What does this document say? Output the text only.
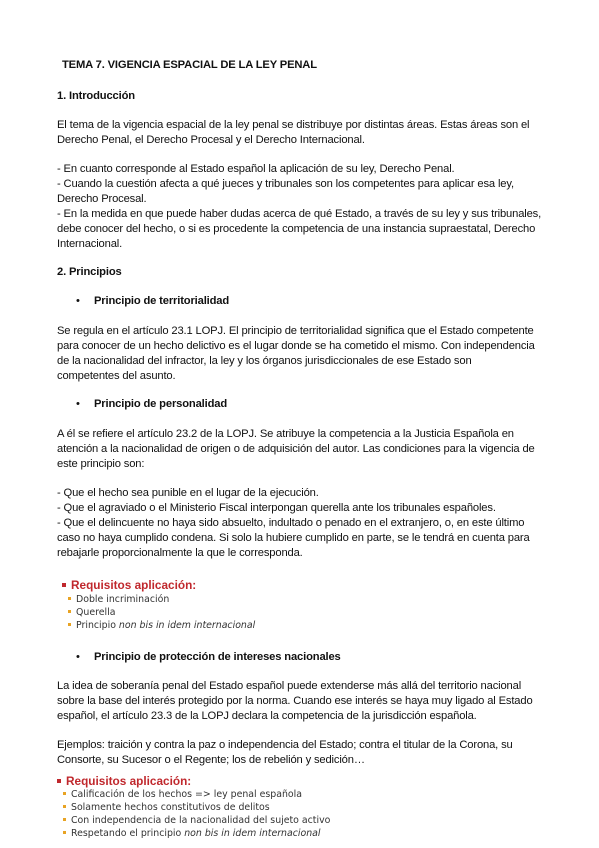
TEMA 7. VIGENCIA ESPACIAL DE LA LEY PENAL
1. Introducción
El tema de la vigencia espacial de la ley penal se distribuye por distintas áreas. Estas áreas son el
Derecho Penal, el Derecho Procesal y el Derecho Internacional.
- En cuanto corresponde al Estado español la aplicación de su ley, Derecho Penal.
- Cuando la cuestión afecta a qué jueces y tribunales son los competentes para aplicar esa ley,
Derecho Procesal.
- En la medida en que puede haber dudas acerca de qué Estado, a través de su ley y sus tribunales,
debe conocer del hecho, o si es procedente la competencia de una instancia supraestatal, Derecho
Internacional.
2. Principios
• Principio de territorialidad
Se regula en el artículo 23.1 LOPJ. El principio de territorialidad significa que el Estado competente
para conocer de un hecho delictivo es el lugar donde se ha cometido el mismo. Con independencia
de la nacionalidad del infractor, la ley y los órganos jurisdiccionales de ese Estado son
competentes del asunto.
• Principio de personalidad
A él se refiere el artículo 23.2 de la LOPJ. Se atribuye la competencia a la Justicia Española en
atención a la nacionalidad de origen o de adquisición del autor. Las condiciones para la vigencia de
este principio son:
- Que el hecho sea punible en el lugar de la ejecución.
- Que el agraviado o el Ministerio Fiscal interpongan querella ante los tribunales españoles.
- Que el delincuente no haya sido absuelto, indultado o penado en el extranjero, o, en este último
caso no haya cumplido condena. Si solo la hubiere cumplido en parte, se le tendrá en cuenta para
rebajarle proporcionalmente la que le corresponda.
Requisitos aplicación:
Doble incriminación
Querella
Principio non bis in idem internacional
• Principio de protección de intereses nacionales
La idea de soberanía penal del Estado español puede extenderse más allá del territorio nacional
sobre la base del interés protegido por la norma. Cuando ese interés se haya muy ligado al Estado
español, el artículo 23.3 de la LOPJ declara la competencia de la jurisdicción española.
Ejemplos: traición y contra la paz o independencia del Estado; contra el titular de la Corona, su
Consorte, su Sucesor o el Regente; los de rebelión y sedición…
Requisitos aplicación:
Calificación de los hechos => ley penal española
Solamente hechos constitutivos de delitos
Con independencia de la nacionalidad del sujeto activo
Respetando el principio non bis in idem internacional
